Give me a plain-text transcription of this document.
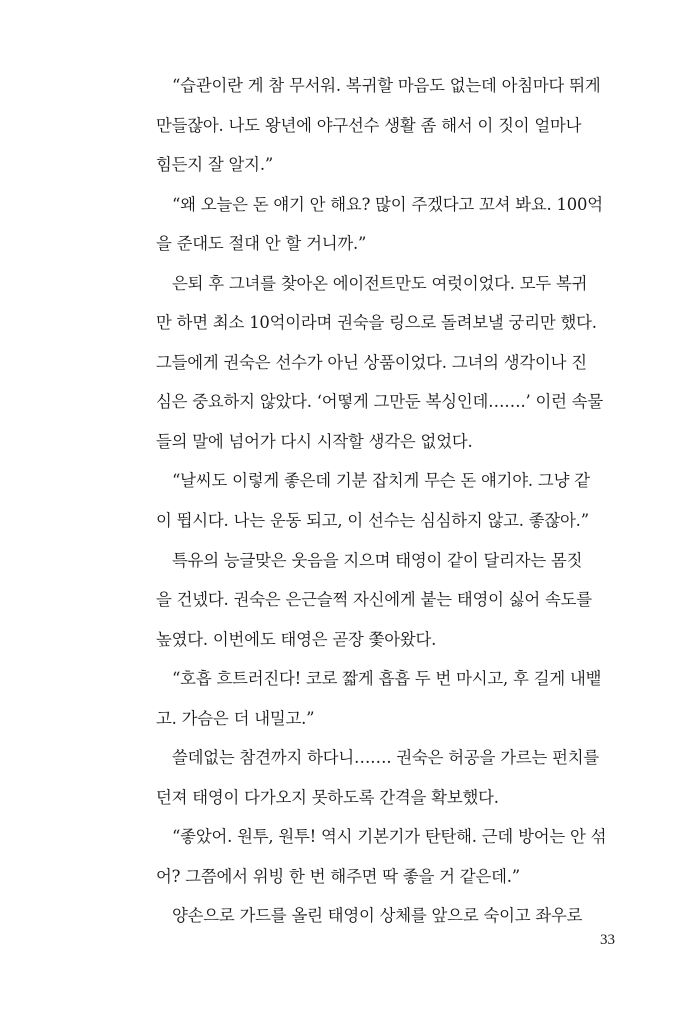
“습관이란 게 참 무서워. 복귀할 마음도 없는데 아침마다 뛰게
만들잖아. 나도 왕년에 야구선수 생활 좀 해서 이 짓이 얼마나
힘든지 잘 알지.”
“왜 오늘은 돈 얘기 안 해요? 많이 주겠다고 꼬셔 봐요. 100억
을 준대도 절대 안 할 거니까.”
은퇴 후 그녀를 찾아온 에이전트만도 여럿이었다. 모두 복귀
만 하면 최소 10억이라며 권숙을 링으로 돌려보낼 궁리만 했다.
그들에게 권숙은 선수가 아닌 상품이었다. 그녀의 생각이나 진
심은 중요하지 않았다. ‘어떻게 그만둔 복싱인데…….’ 이런 속물
들의 말에 넘어가 다시 시작할 생각은 없었다.
“날씨도 이렇게 좋은데 기분 잡치게 무슨 돈 얘기야. 그냥 같
이 뜁시다. 나는 운동 되고, 이 선수는 심심하지 않고. 좋잖아.”
특유의 능글맞은 웃음을 지으며 태영이 같이 달리자는 몸짓
을 건넸다. 권숙은 은근슬쩍 자신에게 붙는 태영이 싫어 속도를
높였다. 이번에도 태영은 곧장 쫓아왔다.
“호흡 흐트러진다! 코로 짧게 흡흡 두 번 마시고, 후 길게 내뱉
고. 가슴은 더 내밀고.”
쓸데없는 참견까지 하다니……. 권숙은 허공을 가르는 펀치를
던져 태영이 다가오지 못하도록 간격을 확보했다.
“좋았어. 원투, 원투! 역시 기본기가 탄탄해. 근데 방어는 안 섞
어? 그쯤에서 위빙 한 번 해주면 딱 좋을 거 같은데.”
양손으로 가드를 올린 태영이 상체를 앞으로 숙이고 좌우로
33
